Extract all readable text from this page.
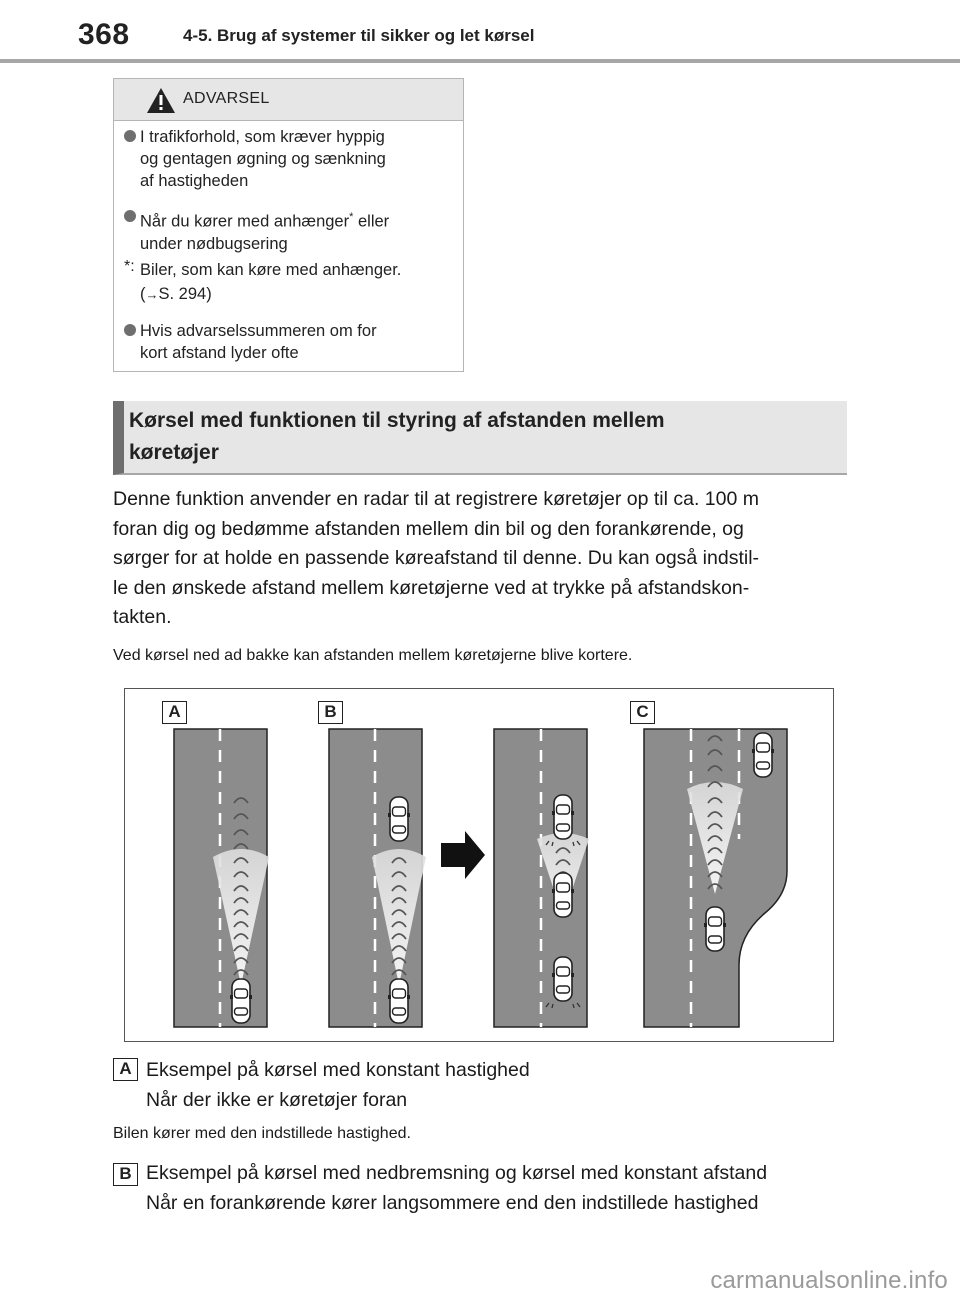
368	4-5. Brug af systemer til sikker og let kørsel
ADVARSEL
I trafikforhold, som kræver hyppig
og gentagen øgning og sænkning
af hastigheden
Når du kører med anhænger* eller
under nødbugsering
*: Biler, som kan køre med anhænger.
(→S. 294)
Hvis advarselssummeren om for
kort afstand lyder ofte
Kørsel med funktionen til styring af afstanden mellem
køretøjer
Denne funktion anvender en radar til at registrere køretøjer op til ca. 100 m
foran dig og bedømme afstanden mellem din bil og den forankørende, og
sørger for at holde en passende køreafstand til denne. Du kan også indstil-
le den ønskede afstand mellem køretøjerne ved at trykke på afstandskon-
takten.
Ved kørsel ned ad bakke kan afstanden mellem køretøjerne blive kortere.
A	B	C
A Eksempel på kørsel med konstant hastighed
Når der ikke er køretøjer foran
Bilen kører med den indstillede hastighed.
B Eksempel på kørsel med nedbremsning og kørsel med konstant afstand
Når en forankørende kører langsommere end den indstillede hastighed
carmanualsonline.info
